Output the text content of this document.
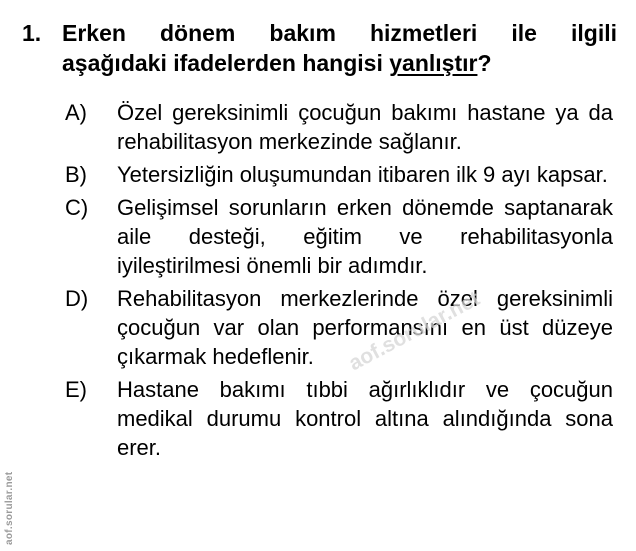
1. Erken dönem bakım hizmetleri ile ilgili
aşağıdaki ifadelerden hangisi yanlıştır?
A)	Özel gereksinimli çocuğun bakımı hastane ya da rehabilitasyon merkezinde sağlanır.
B)	Yetersizliğin oluşumundan itibaren ilk 9 ayı kapsar.
C)	Gelişimsel sorunların erken dönemde saptanarak aile desteği, eğitim ve rehabilitasyonla iyileştirilmesi önemli bir adımdır.
D)	Rehabilitasyon merkezlerinde özel gereksinimli çocuğun var olan performansını en üst düzeye çıkarmak hedeflenir.
E)	Hastane bakımı tıbbi ağırlıklıdır ve çocuğun medikal durumu kontrol altına alındığında sona erer.
aof.sorular.net
aof.sorular.net
